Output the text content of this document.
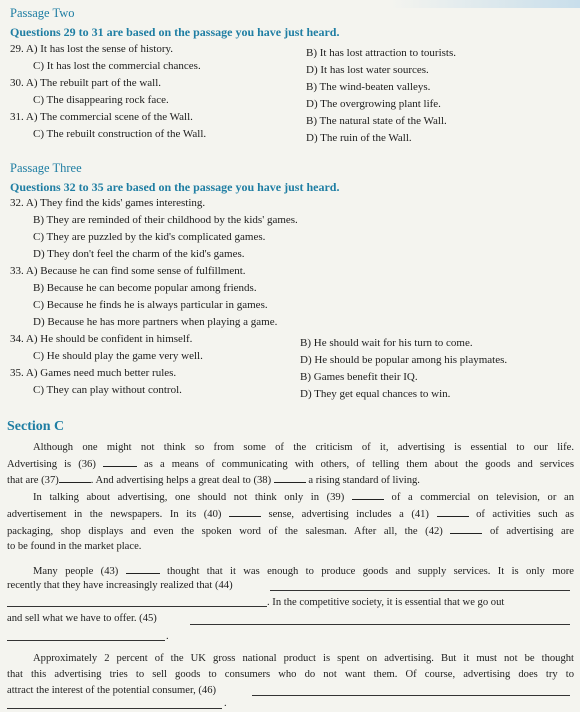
Passage Two
Questions 29 to 31 are based on the passage you have just heard.
29. A) It has lost the sense of history.	B) It has lost attraction to tourists.
C) It has lost the commercial chances.	D) It has lost water sources.
30. A) The rebuilt part of the wall.	B) The wind-beaten valleys.
C) The disappearing rock face.	D) The overgrowing plant life.
31. A) The commercial scene of the Wall.	B) The natural state of the Wall.
C) The rebuilt construction of the Wall.	D) The ruin of the Wall.
Passage Three
Questions 32 to 35 are based on the passage you have just heard.
32. A) They find the kids' games interesting.
B) They are reminded of their childhood by the kids' games.
C) They are puzzled by the kid's complicated games.
D) They don't feel the charm of the kid's games.
33. A) Because he can find some sense of fulfillment.
B) Because he can become popular among friends.
C) Because he finds he is always particular in games.
D) Because he has more partners when playing a game.
34. A) He should be confident in himself.	B) He should wait for his turn to come.
C) He should play the game very well.	D) He should be popular among his playmates.
35. A) Games need much better rules.	B) Games benefit their IQ.
C) They can play without control.	D) They get equal chances to win.
Section C
Although one might not think so from some of the criticism of it, advertising is essential to our life.
Advertising is (36)	as a means of communicating with others, of telling them about the goods and services
that are (37)	. And advertising helps a great deal to (38)	a rising standard of living.
In talking about advertising, one should not think only in (39)	of a commercial on television, or an
advertisement in the newspapers. In its (40)	sense, advertising includes a (41)	of activities such as
packaging, shop displays and even the spoken word of the salesman. After all, the (42)	of advertising are
to be found in the market place.
Many people (43)	thought that it was enough to produce goods and supply services. It is only more
recently that they have increasingly realized that (44)
. In the competitive society, it is essential that we go out
and sell what we have to offer. (45)
.
Approximately 2 percent of the UK gross national product is spent on advertising. But it must not be thought
that this advertising tries to sell goods to consumers who do not want them. Of course, advertising does try to
attract the interest of the potential consumer, (46)
.
